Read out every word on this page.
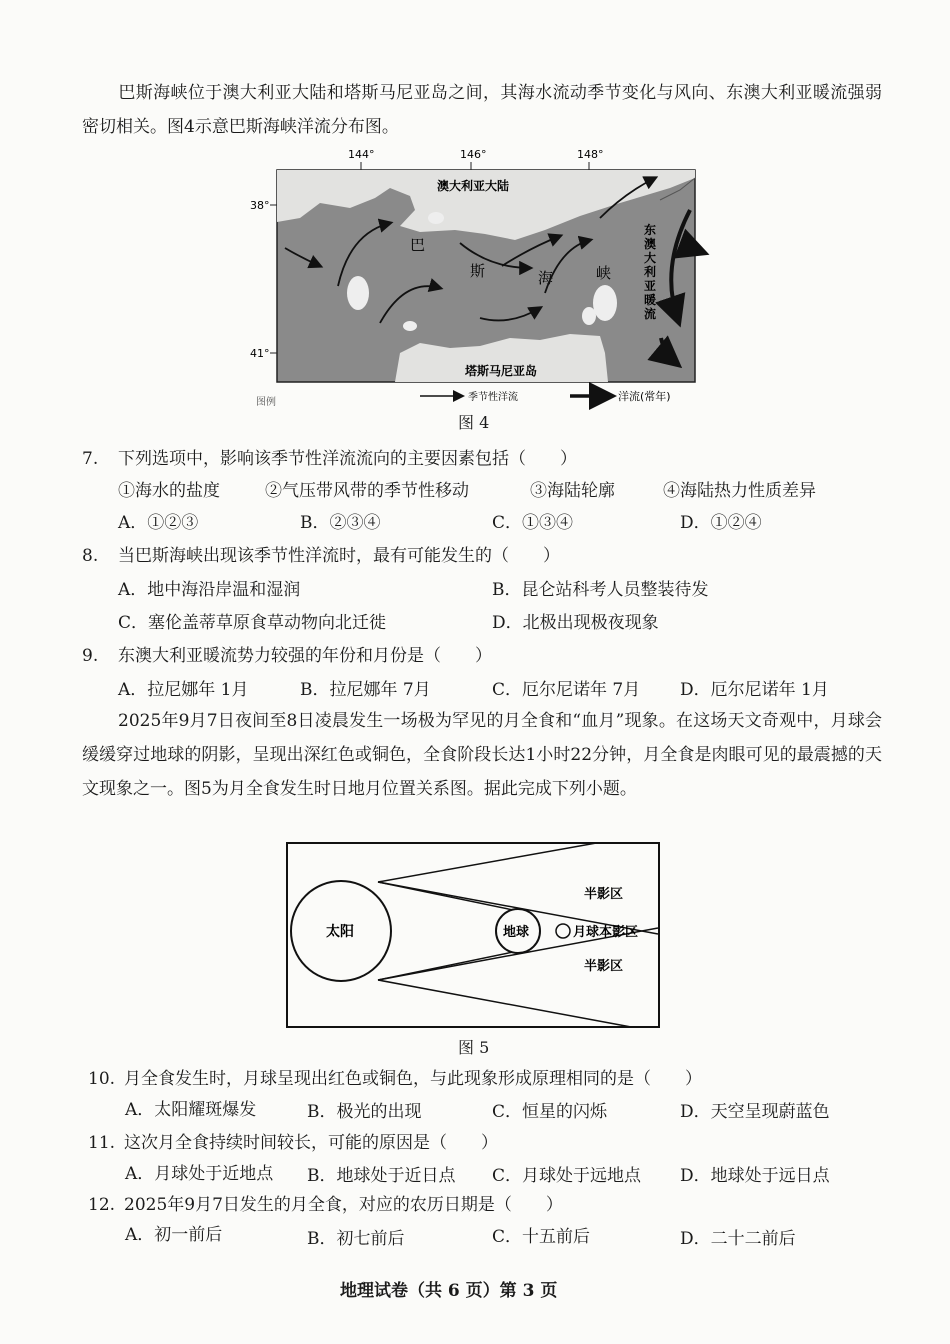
巴斯海峡位于澳大利亚大陆和塔斯马尼亚岛之间，其海水流动季节变化与风向、东澳大利亚暖流强弱密切相关。图4示意巴斯海峡洋流分布图。
144°	146°	148°
38°
41°
澳大利亚大陆
巴
斯	海	峡
东
澳
大
利
亚
暖
流
塔斯马尼亚岛
图例	季节性洋流	洋流(常年)
图 4
7. 下列选项中，影响该季节性洋流流向的主要因素包括（　　）
①海水的盐度	②气压带风带的季节性移动	③海陆轮廓	④海陆热力性质差异
A．①②③	B．②③④	C．①③④	D．①②④
8. 当巴斯海峡出现该季节性洋流时，最有可能发生的（　　）
A．地中海沿岸温和湿润	B．昆仑站科考人员整装待发
C．塞伦盖蒂草原食草动物向北迁徙	D．北极出现极夜现象
9. 东澳大利亚暖流势力较强的年份和月份是（　　）
A．拉尼娜年 1月	B．拉尼娜年 7月	C．厄尔尼诺年 7月 D．厄尔尼诺年 1月
2025年9月7日夜间至8日凌晨发生一场极为罕见的月全食和“血月”现象。在这场天文奇观中，月球会缓缓穿过地球的阴影，呈现出深红色或铜色，全食阶段长达1小时22分钟，月全食是肉眼可见的最震撼的天文现象之一。图5为月全食发生时日地月位置关系图。据此完成下列小题。
太阳	地球	月球本影区
半影区
半影区
图 5
10. 月全食发生时，月球呈现出红色或铜色，与此现象形成原理相同的是（　　）
A．太阳耀斑爆发	B．极光的出现	C．恒星的闪烁	D．天空呈现蔚蓝色
11. 这次月全食持续时间较长，可能的原因是（　　）
A．月球处于近地点 B．地球处于近日点 C．月球处于远地点 D．地球处于远日点
12. 2025年9月7日发生的月全食，对应的农历日期是（　　）
A．初一前后	B．初七前后	C．十五前后	D．二十二前后
地理试卷（共 6 页）第 3 页
